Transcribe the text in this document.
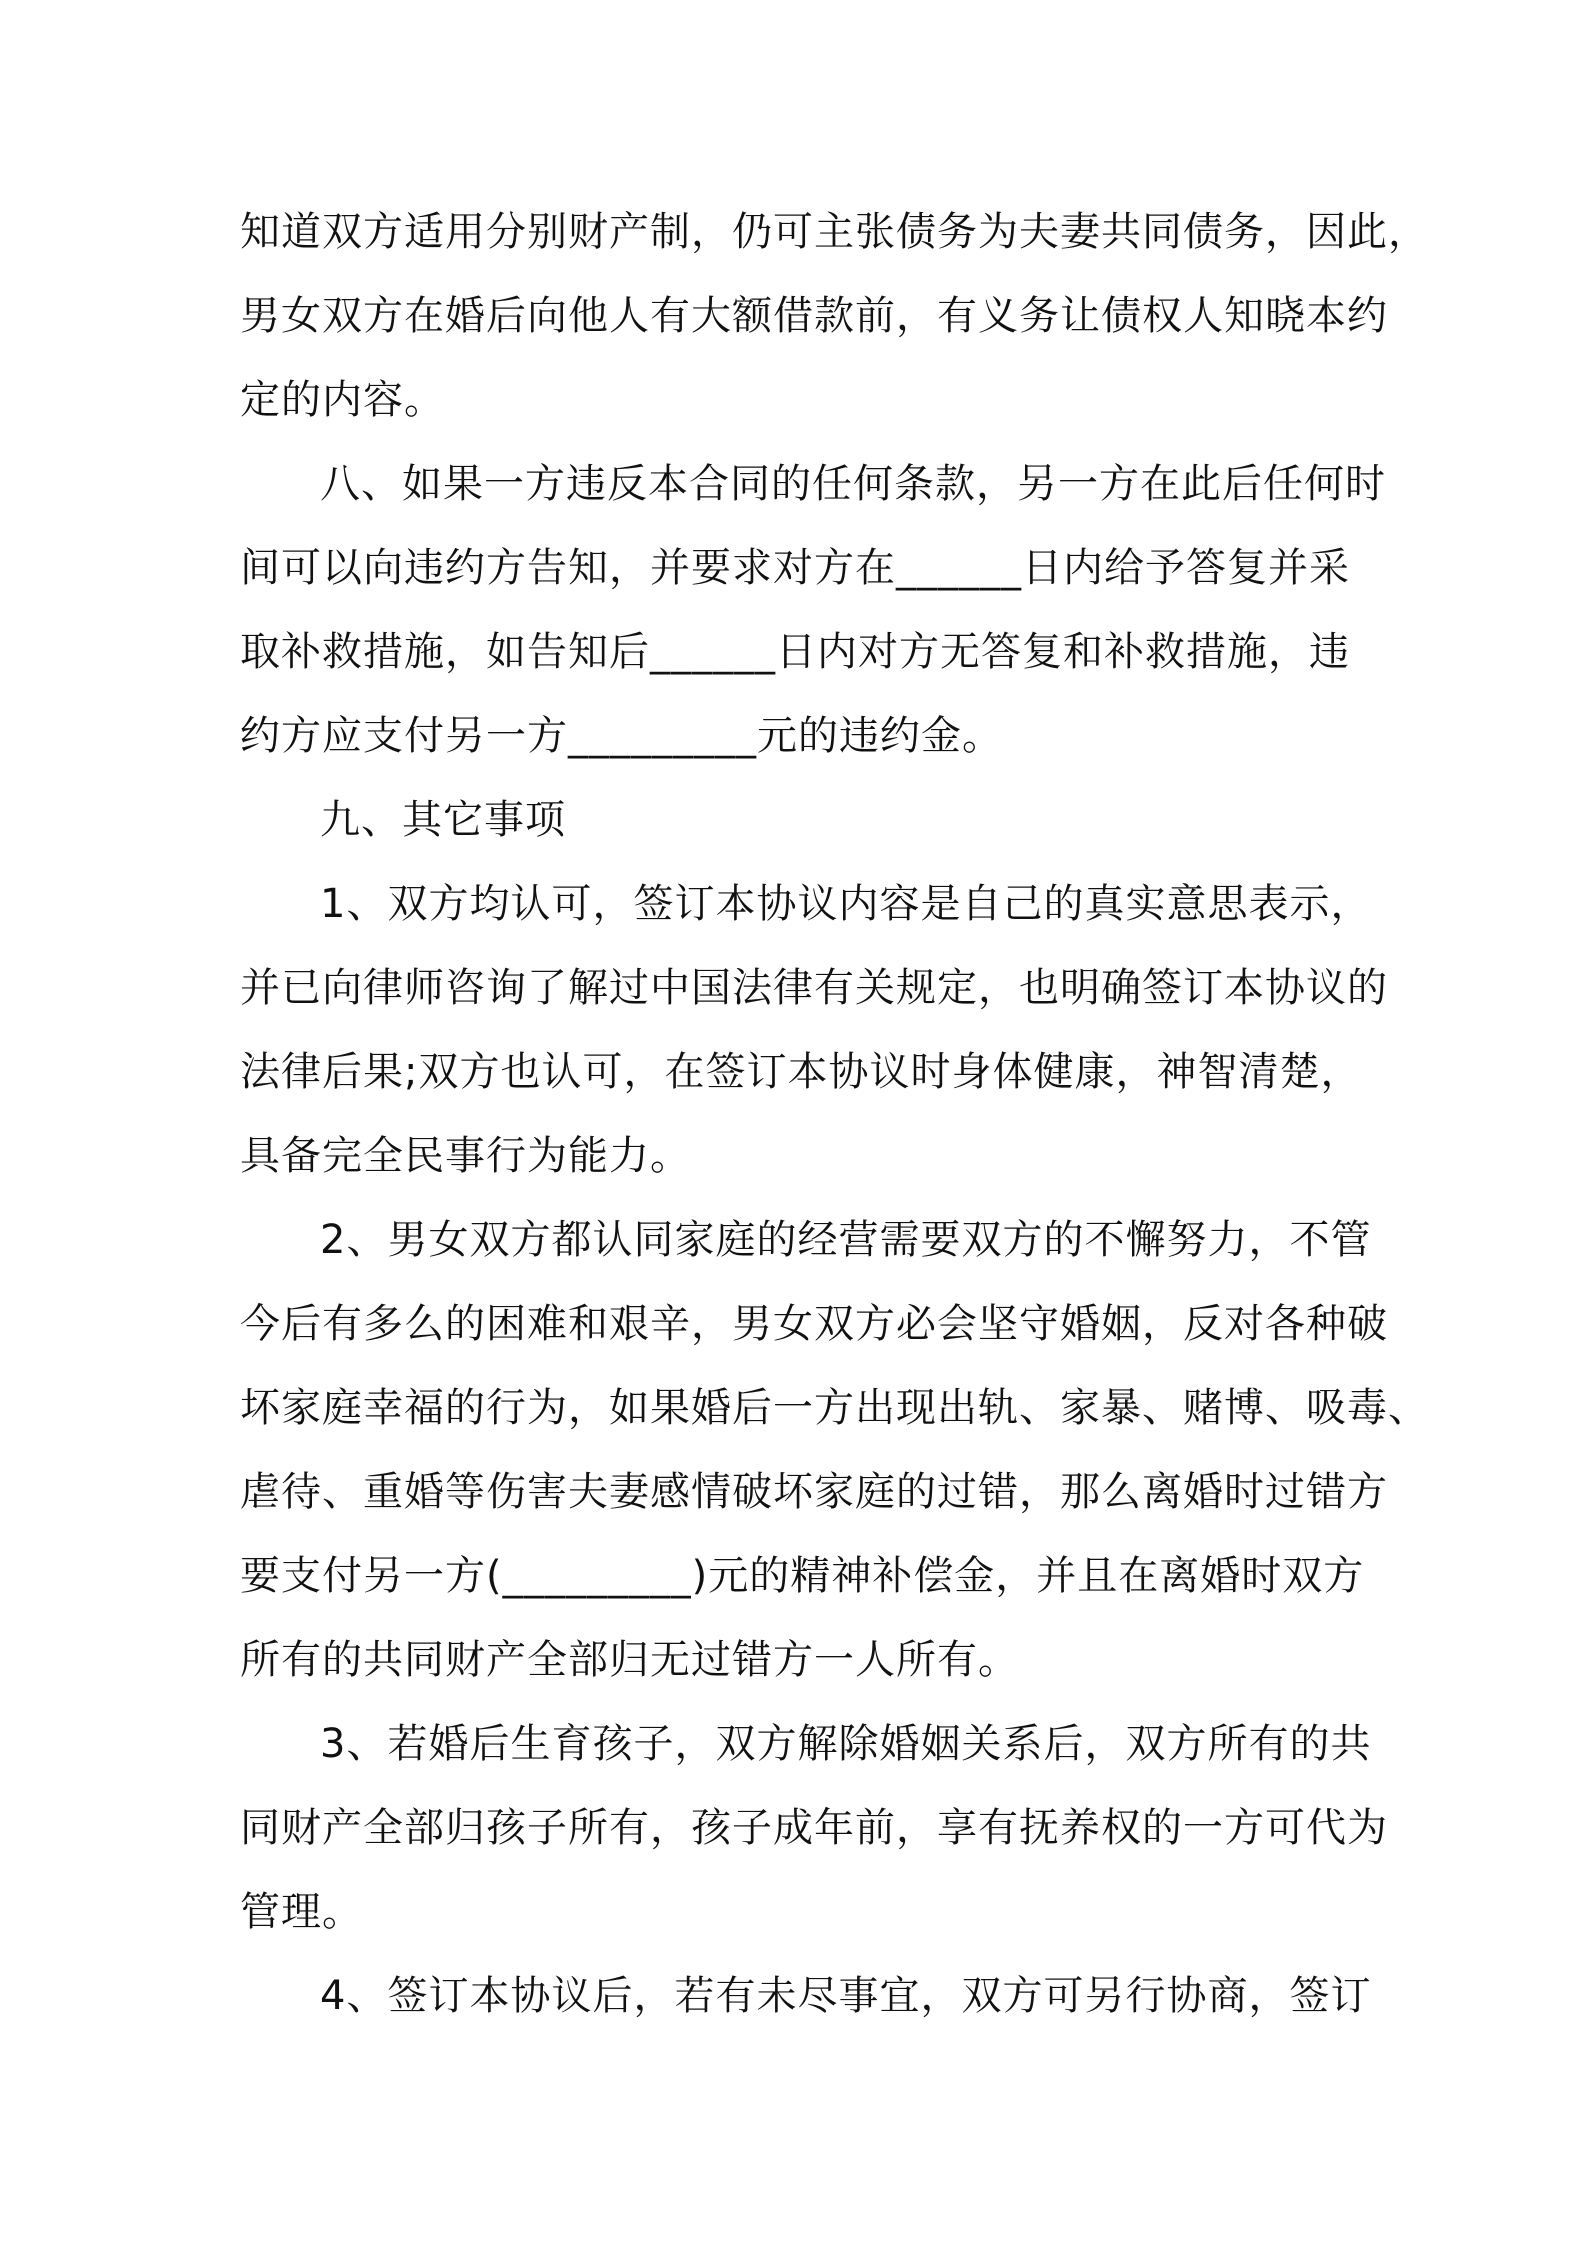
知道双方适用分别财产制，仍可主张债务为夫妻共同债务，因此，
男女双方在婚后向他人有大额借款前，有义务让债权人知晓本约
定的内容。
八、如果一方违反本合同的任何条款，另一方在此后任何时
间可以向违约方告知，并要求对方在______日内给予答复并采
取补救措施，如告知后______日内对方无答复和补救措施，违
约方应支付另一方_________元的违约金。
九、其它事项
1、双方均认可，签订本协议内容是自己的真实意思表示，
并已向律师咨询了解过中国法律有关规定，也明确签订本协议的
法律后果;双方也认可，在签订本协议时身体健康，神智清楚，
具备完全民事行为能力。
2、男女双方都认同家庭的经营需要双方的不懈努力，不管
今后有多么的困难和艰辛，男女双方必会坚守婚姻，反对各种破
坏家庭幸福的行为，如果婚后一方出现出轨、家暴、赌博、吸毒、
虐待、重婚等伤害夫妻感情破坏家庭的过错，那么离婚时过错方
要支付另一方(_________)元的精神补偿金，并且在离婚时双方
所有的共同财产全部归无过错方一人所有。
3、若婚后生育孩子，双方解除婚姻关系后，双方所有的共
同财产全部归孩子所有，孩子成年前，享有抚养权的一方可代为
管理。
4、签订本协议后，若有未尽事宜，双方可另行协商，签订
